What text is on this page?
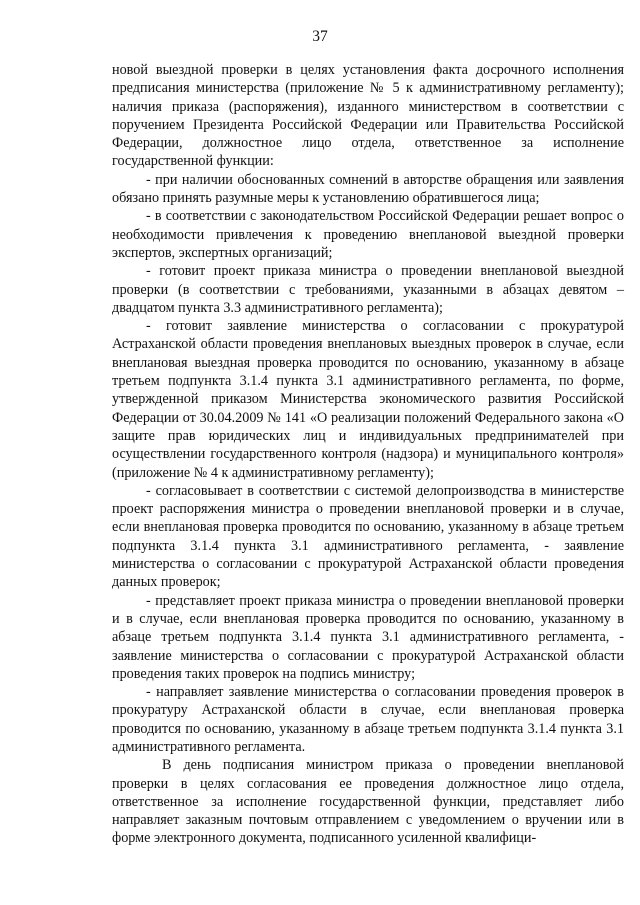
37

новой выездной проверки в целях установления факта досрочного исполнения предписания министерства (приложение № 5 к административному регламенту); наличия приказа (распоряжения), изданного министерством в соответствии с поручением Президента Российской Федерации или Правительства Российской Федерации, должностное лицо отдела, ответственное за исполнение государственной функции:

- при наличии обоснованных сомнений в авторстве обращения или заявления обязано принять разумные меры к установлению обратившегося лица;

- в соответствии с законодательством Российской Федерации решает вопрос о необходимости привлечения к проведению внеплановой выездной проверки экспертов, экспертных организаций;

- готовит проект приказа министра о проведении внеплановой выездной проверки (в соответствии с требованиями, указанными в абзацах девятом – двадцатом пункта 3.3 административного регламента);

- готовит заявление министерства о согласовании с прокуратурой Астраханской области проведения внеплановых выездных проверок в случае, если внеплановая выездная проверка проводится по основанию, указанному в абзаце третьем подпункта 3.1.4 пункта 3.1 административного регламента, по форме, утвержденной приказом Министерства экономического развития Российской Федерации от 30.04.2009 № 141 «О реализации положений Федерального закона «О защите прав юридических лиц и индивидуальных предпринимателей при осуществлении государственного контроля (надзора) и муниципального контроля» (приложение № 4 к административному регламенту);

- согласовывает в соответствии с системой делопроизводства в министерстве проект распоряжения министра о проведении внеплановой проверки и в случае, если внеплановая проверка проводится по основанию, указанному в абзаце третьем подпункта 3.1.4 пункта 3.1 административного регламента, - заявление министерства о согласовании с прокуратурой Астраханской области проведения данных проверок;

- представляет проект приказа министра о проведении внеплановой проверки и в случае, если внеплановая проверка проводится по основанию, указанному в абзаце третьем подпункта 3.1.4 пункта 3.1 административного регламента, - заявление министерства о согласовании с прокуратурой Астраханской области проведения таких проверок на подпись министру;

- направляет заявление министерства о согласовании проведения проверок в прокуратуру Астраханской области в случае, если внеплановая проверка проводится по основанию, указанному в абзаце третьем подпункта 3.1.4 пункта 3.1 административного регламента.

В день подписания министром приказа о проведении внеплановой проверки в целях согласования ее проведения должностное лицо отдела, ответственное за исполнение государственной функции, представляет либо направляет заказным почтовым отправлением с уведомлением о вручении или в форме электронного документа, подписанного усиленной квалифици-
